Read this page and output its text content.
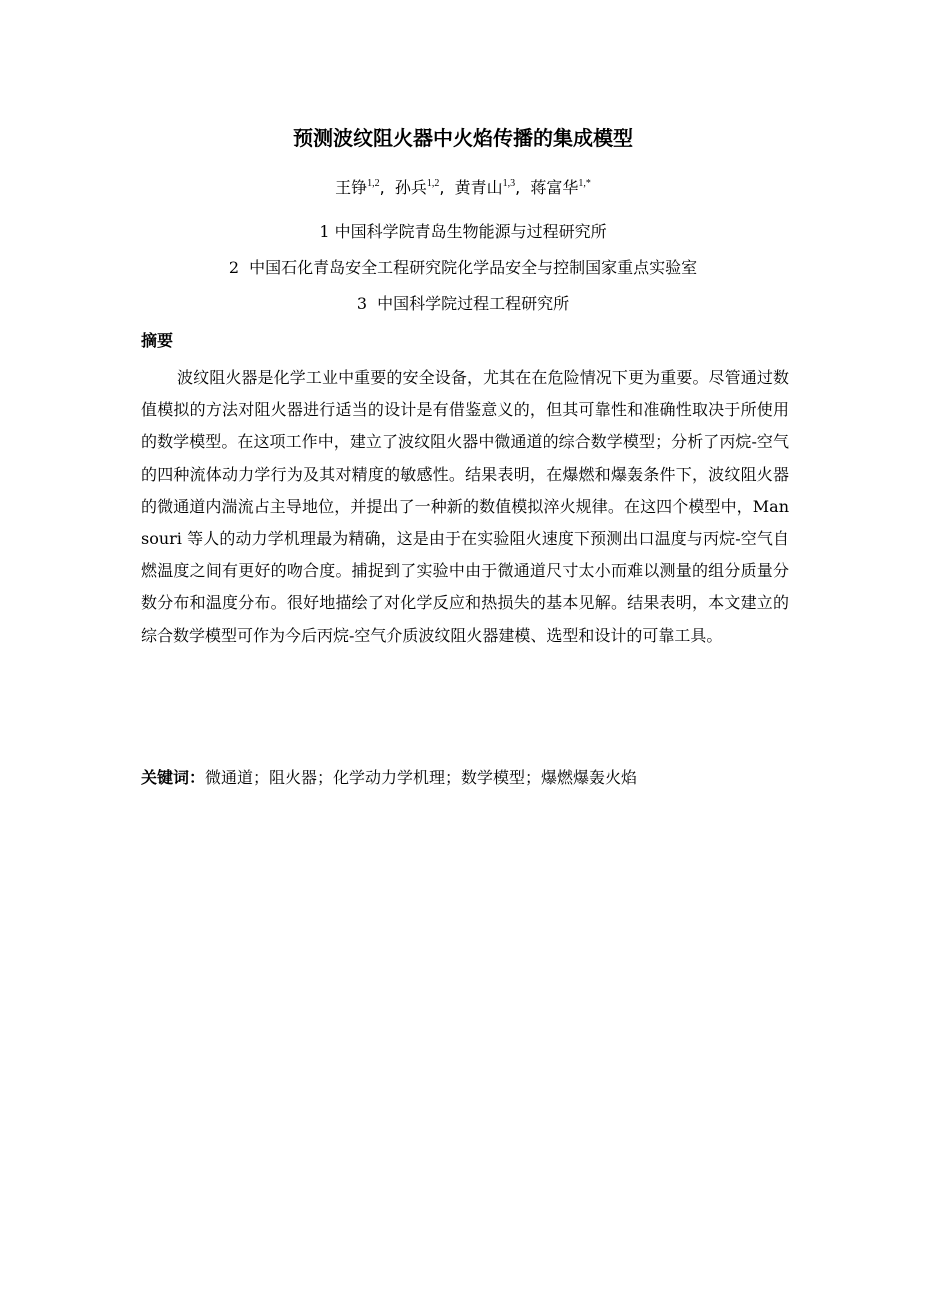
预测波纹阻火器中火焰传播的集成模型
王铮$^{1,2}$,  孙兵$^{1,2}$,  黄青山$^{1,3}$,  蒋富华$^{1,*}$
1 中国科学院青岛生物能源与过程研究所
2  中国石化青岛安全工程研究院化学品安全与控制国家重点实验室
3  中国科学院过程工程研究所
摘要

波纹阻火器是化学工业中重要的安全设备，尤其在在危险情况下更为重要。尽管通过数值模拟的方法对阻火器进行适当的设计是有借鉴意义的，但其可靠性和准确性取决于所使用的数学模型。在这项工作中，建立了波纹阻火器中微通道的综合数学模型；分析了丙烷-空气的四种流体动力学行为及其对精度的敏感性。结果表明，在爆燃和爆轰条件下，波纹阻火器的微通道内湍流占主导地位，并提出了一种新的数值模拟淬火规律。在这四个模型中，Mansouri 等人的动力学机理最为精确，这是由于在实验阻火速度下预测出口温度与丙烷-空气自燃温度之间有更好的吻合度。捕捉到了实验中由于微通道尺寸太小而难以测量的组分质量分数分布和温度分布。很好地描绘了对化学反应和热损失的基本见解。结果表明，本文建立的综合数学模型可作为今后丙烷-空气介质波纹阻火器建模、选型和设计的可靠工具。

关键词：微通道；阻火器；化学动力学机理；数学模型；爆燃爆轰火焰
